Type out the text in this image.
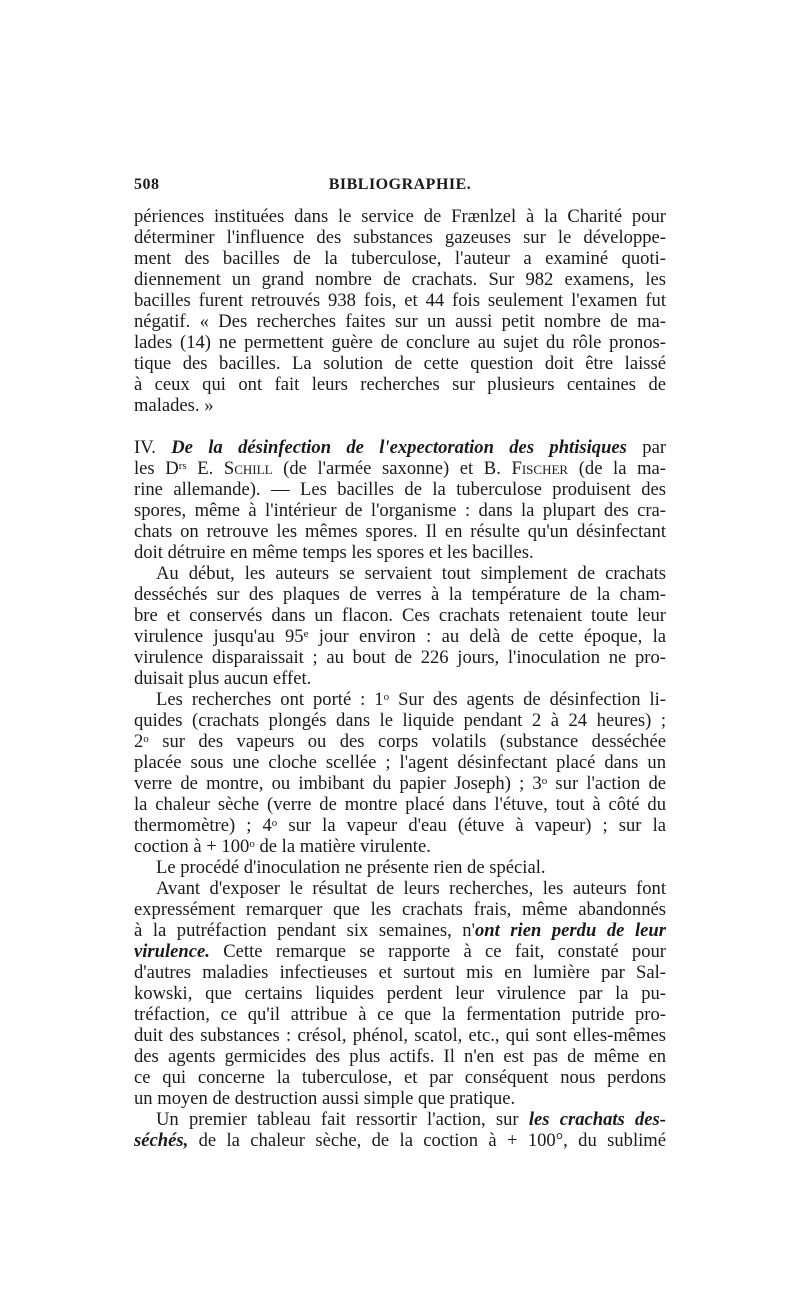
508	BIBLIOGRAPHIE.
périences instituées dans le service de Frænlzel à la Charité pour
déterminer l'influence des substances gazeuses sur le développe-
ment des bacilles de la tuberculose, l'auteur a examiné quoti-
diennement un grand nombre de crachats. Sur 982 examens, les
bacilles furent retrouvés 938 fois, et 44 fois seulement l'examen fut
négatif. « Des recherches faites sur un aussi petit nombre de ma-
lades (14) ne permettent guère de conclure au sujet du rôle pronos-
tique des bacilles. La solution de cette question doit être laissé
à ceux qui ont fait leurs recherches sur plusieurs centaines de
malades. »
IV. De la désinfection de l'expectoration des phtisiques par
les $D^{rs}$ E. Schill (de l'armée saxonne) et B. Fischer (de la ma-
rine allemande). — Les bacilles de la tuberculose produisent des
spores, même à l'intérieur de l'organisme : dans la plupart des cra-
chats on retrouve les mêmes spores. Il en résulte qu'un désinfectant
doit détruire en même temps les spores et les bacilles.
Au début, les auteurs se servaient tout simplement de crachats
desséchés sur des plaques de verres à la température de la cham-
bre et conservés dans un flacon. Ces crachats retenaient toute leur
virulence jusqu'au 95e jour environ : au delà de cette époque, la
virulence disparaissait ; au bout de 226 jours, l'inoculation ne pro-
duisait plus aucun effet.
Les recherches ont porté : 1$^o$ Sur des agents de désinfection li-
quides (crachats plongés dans le liquide pendant 2 à 24 heures) ;
2$^o$ sur des vapeurs ou des corps volatils (substance desséchée
placée sous une cloche scellée ; l'agent désinfectant placé dans un
verre de montre, ou imbibant du papier Joseph) ; 3$^o$ sur l'action de
la chaleur sèche (verre de montre placé dans l'étuve, tout à côté du
thermomètre) ; 4$^o$ sur la vapeur d'eau (étuve à vapeur) ; sur la
coction à + $100^o$ de la matière virulente.
Le procédé d'inoculation ne présente rien de spécial.
Avant d'exposer le résultat de leurs recherches, les auteurs font
expressément remarquer que les crachats frais, même abandonnés
à la putréfaction pendant six semaines, n'ont rien perdu de leur
virulence. Cette remarque se rapporte à ce fait, constaté pour
d'autres maladies infectieuses et surtout mis en lumière par Sal-
kowski, que certains liquides perdent leur virulence par la pu-
tréfaction, ce qu'il attribue à ce que la fermentation putride pro-
duit des substances : crésol, phénol, scatol, etc., qui sont elles-mêmes
des agents germicides des plus actifs. Il n'en est pas de même en
ce qui concerne la tuberculose, et par conséquent nous perdons
un moyen de destruction aussi simple que pratique.
Un premier tableau fait ressortir l'action, sur les crachats des-
séchés, de la chaleur sèche, de la coction à + 100°, du sublimé
